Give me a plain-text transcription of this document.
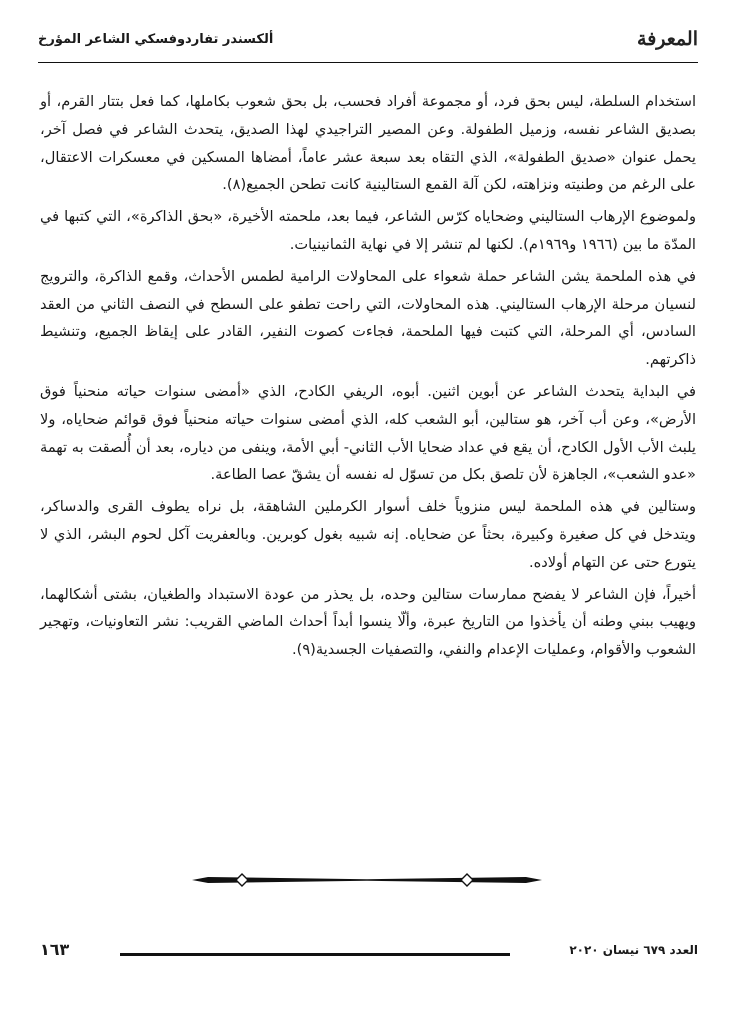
ألكسندر تفاردوفسكي الشاعر المؤرخ	المعرفة

استخدام السلطة، ليس بحق فرد، أو مجموعة أفراد فحسب، بل بحق شعوب بكاملها، كما فعل بتتار القرم، أو بصديق الشاعر نفسه، وزميل الطفولة. وعن المصير التراجيدي لهذا الصديق، يتحدث الشاعر في فصل آخر، يحمل عنوان «صديق الطفولة»، الذي التقاه بعد سبعة عشر عاماً، أمضاها المسكين في معسكرات الاعتقال، على الرغم من وطنيته ونزاهته، لكن آلة القمع الستالينية كانت تطحن الجميع(٨).

ولموضوع الإرهاب الستاليني وضحاياه كرّس الشاعر، فيما بعد، ملحمته الأخيرة، «بحق الذاكرة»، التي كتبها في المدّة ما بين (١٩٦٦ و١٩٦٩م). لكنها لم تنشر إلا في نهاية الثمانينيات.

في هذه الملحمة يشن الشاعر حملة شعواء على المحاولات الرامية لطمس الأحداث، وقمع الذاكرة، والترويج لنسيان مرحلة الإرهاب الستاليني. هذه المحاولات، التي راحت تطفو على السطح في النصف الثاني من العقد السادس، أي المرحلة، التي كتبت فيها الملحمة، فجاءت كصوت النفير، القادر على إيقاظ الجميع، وتنشيط ذاكرتهم.

في البداية يتحدث الشاعر عن أبوين اثنين. أبوه، الريفي الكادح، الذي «أمضى سنوات حياته منحنياً فوق الأرض»، وعن أب آخر، هو ستالين، أبو الشعب كله، الذي أمضى سنوات حياته منحنياً فوق قوائم ضحاياه، ولا يلبث الأب الأول الكادح، أن يقع في عداد ضحايا الأب الثاني- أبي الأمة، وينفى من دياره، بعد أن أُلصقت به تهمة «عدو الشعب»، الجاهزة لأن تلصق بكل من تسوّل له نفسه أن يشقّ عصا الطاعة.

وستالين في هذه الملحمة ليس منزوياً خلف أسوار الكرملين الشاهقة، بل نراه يطوف القرى والدساكر، ويتدخل في كل صغيرة وكبيرة، بحثاً عن ضحاياه. إنه شبيه بغول كوبرين. وبالعفريت آكل لحوم البشر، الذي لا يتورع حتى عن التهام أولاده.

أخيراً، فإن الشاعر لا يفضح ممارسات ستالين وحده، بل يحذر من عودة الاستبداد والطغيان، بشتى أشكالهما، ويهيب ببني وطنه أن يأخذوا من التاريخ عبرة، وألّا ينسوا أبداً أحداث الماضي القريب: نشر التعاونيات، وتهجير الشعوب والأقوام، وعمليات الإعدام والنفي، والتصفيات الجسدية(٩).

١٦٣	العدد ٦٧٩ نيسان ٢٠٢٠
